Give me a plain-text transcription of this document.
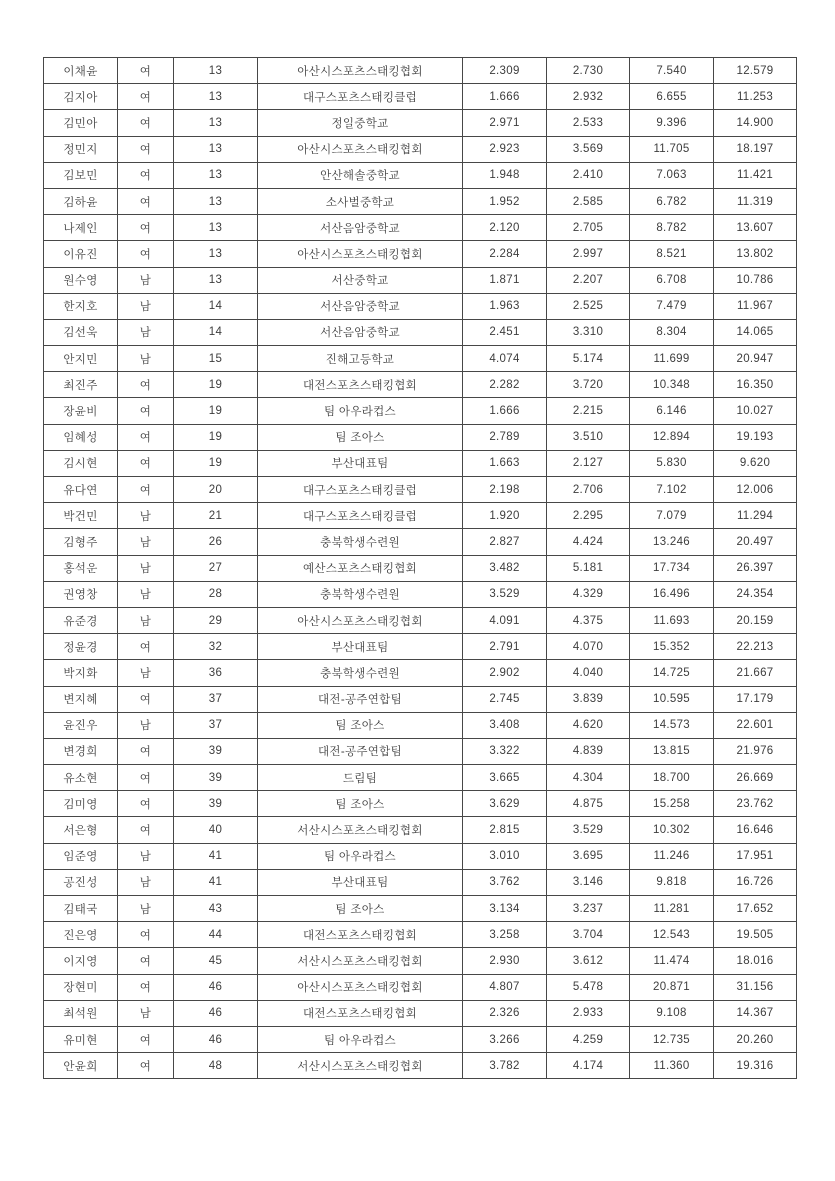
이채윤	여	13	아산시스포츠스태킹협회	2.309	2.730	7.540	12.579
김지아	여	13	대구스포츠스태킹클럽	1.666	2.932	6.655	11.253
김민아	여	13	정일중학교	2.971	2.533	9.396	14.900
정민지	여	13	아산시스포츠스태킹협회	2.923	3.569	11.705	18.197
김보민	여	13	안산해솔중학교	1.948	2.410	7.063	11.421
김하윤	여	13	소사벌중학교	1.952	2.585	6.782	11.319
나제인	여	13	서산음암중학교	2.120	2.705	8.782	13.607
이유진	여	13	아산시스포츠스태킹협회	2.284	2.997	8.521	13.802
원수영	남	13	서산중학교	1.871	2.207	6.708	10.786
한지호	남	14	서산음암중학교	1.963	2.525	7.479	11.967
김선욱	남	14	서산음암중학교	2.451	3.310	8.304	14.065
안지민	남	15	진해고등학교	4.074	5.174	11.699	20.947
최진주	여	19	대전스포츠스태킹협회	2.282	3.720	10.348	16.350
장윤비	여	19	팀 아우라컵스	1.666	2.215	6.146	10.027
임혜성	여	19	팀 조아스	2.789	3.510	12.894	19.193
김시현	여	19	부산대표팀	1.663	2.127	5.830	9.620
유다연	여	20	대구스포츠스태킹클럽	2.198	2.706	7.102	12.006
박건민	남	21	대구스포츠스태킹클럽	1.920	2.295	7.079	11.294
김형주	남	26	충북학생수련원	2.827	4.424	13.246	20.497
홍석운	남	27	예산스포츠스태킹협회	3.482	5.181	17.734	26.397
권영창	남	28	충북학생수련원	3.529	4.329	16.496	24.354
유준경	남	29	아산시스포츠스태킹협회	4.091	4.375	11.693	20.159
정윤경	여	32	부산대표팀	2.791	4.070	15.352	22.213
박지화	남	36	충북학생수련원	2.902	4.040	14.725	21.667
변지혜	여	37	대전-공주연합팀	2.745	3.839	10.595	17.179
윤진우	남	37	팀 조아스	3.408	4.620	14.573	22.601
변경희	여	39	대전-공주연합팀	3.322	4.839	13.815	21.976
유소현	여	39	드림팀	3.665	4.304	18.700	26.669
김미영	여	39	팀 조아스	3.629	4.875	15.258	23.762
서은형	여	40	서산시스포츠스태킹협회	2.815	3.529	10.302	16.646
임준영	남	41	팀 아우라컵스	3.010	3.695	11.246	17.951
공진성	남	41	부산대표팀	3.762	3.146	9.818	16.726
김태국	남	43	팀 조아스	3.134	3.237	11.281	17.652
진은영	여	44	대전스포츠스태킹협회	3.258	3.704	12.543	19.505
이지영	여	45	서산시스포츠스태킹협회	2.930	3.612	11.474	18.016
장현미	여	46	아산시스포츠스태킹협회	4.807	5.478	20.871	31.156
최석원	남	46	대전스포츠스태킹협회	2.326	2.933	9.108	14.367
유미현	여	46	팀 아우라컵스	3.266	4.259	12.735	20.260
안윤희	여	48	서산시스포츠스태킹협회	3.782	4.174	11.360	19.316
